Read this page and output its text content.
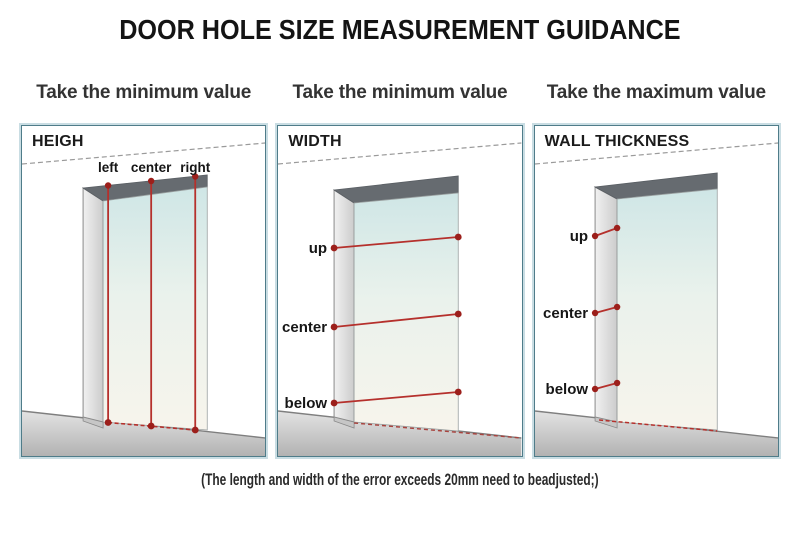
DOOR HOLE SIZE MEASUREMENT GUIDANCE
Take the minimum value	Take the minimum value	Take the maximum value
left center right
HEIGH
up
center
below
WIDTH
up
center
below
WALL THICKNESS
(The length and width of the error exceeds 20mm need to beadjusted;)
